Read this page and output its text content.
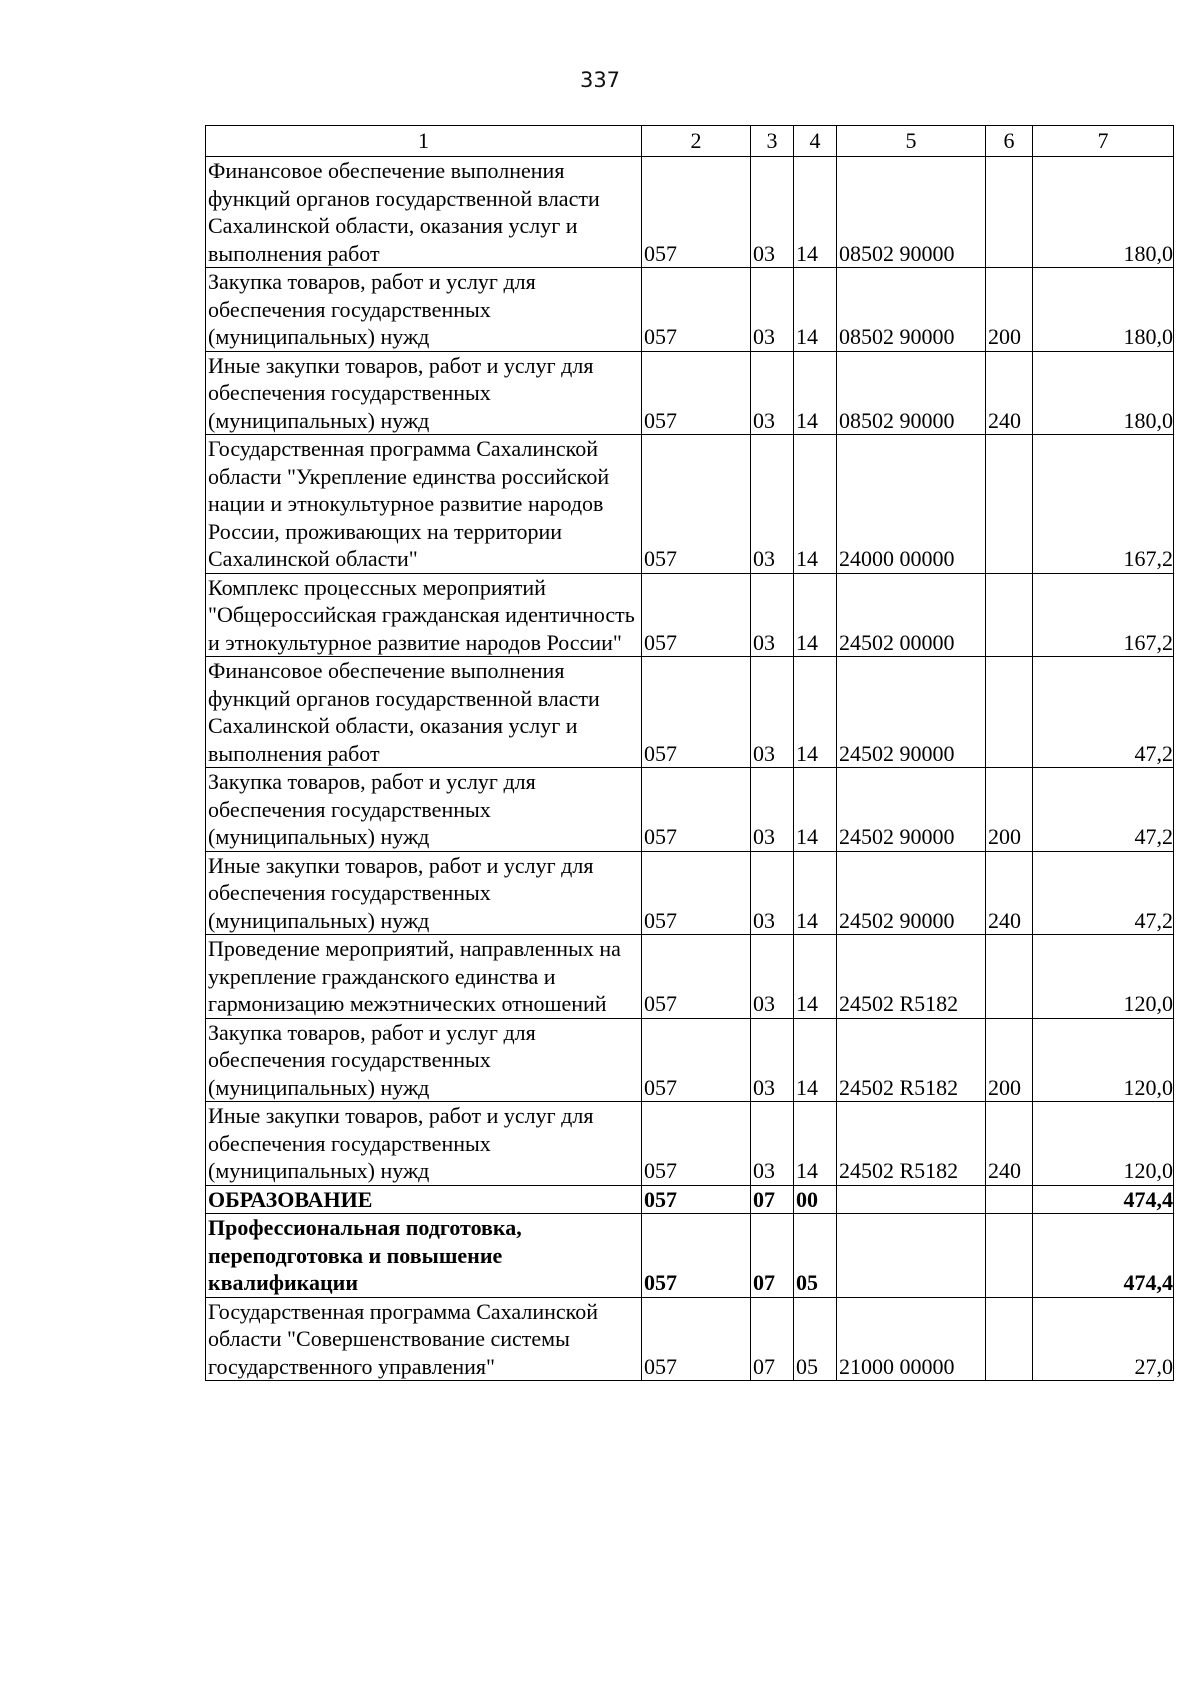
337
1	2	3	4	5	6	7
Финансовое обеспечение выполнения функций органов государственной власти Сахалинской области, оказания услуг и выполнения работ	057	03	14	08502 90000		180,0
Закупка товаров, работ и услуг для обеспечения государственных (муниципальных) нужд	057	03	14	08502 90000	200	180,0
Иные закупки товаров, работ и услуг для обеспечения государственных (муниципальных) нужд	057	03	14	08502 90000	240	180,0
Государственная программа Сахалинской области "Укрепление единства российской нации и этнокультурное развитие народов России, проживающих на территории Сахалинской области"	057	03	14	24000 00000		167,2
Комплекс процессных мероприятий "Общероссийская гражданская идентичность и этнокультурное развитие народов России"	057	03	14	24502 00000		167,2
Финансовое обеспечение выполнения функций органов государственной власти Сахалинской области, оказания услуг и выполнения работ	057	03	14	24502 90000		47,2
Закупка товаров, работ и услуг для обеспечения государственных (муниципальных) нужд	057	03	14	24502 90000	200	47,2
Иные закупки товаров, работ и услуг для обеспечения государственных (муниципальных) нужд	057	03	14	24502 90000	240	47,2
Проведение мероприятий, направленных на укрепление гражданского единства и гармонизацию межэтнических отношений	057	03	14	24502 R5182		120,0
Закупка товаров, работ и услуг для обеспечения государственных (муниципальных) нужд	057	03	14	24502 R5182	200	120,0
Иные закупки товаров, работ и услуг для обеспечения государственных (муниципальных) нужд	057	03	14	24502 R5182	240	120,0
ОБРАЗОВАНИЕ	057	07	00			474,4
Профессиональная подготовка, переподготовка и повышение квалификации	057	07	05			474,4
Государственная программа Сахалинской области "Совершенствование системы государственного управления"	057	07	05	21000 00000		27,0
